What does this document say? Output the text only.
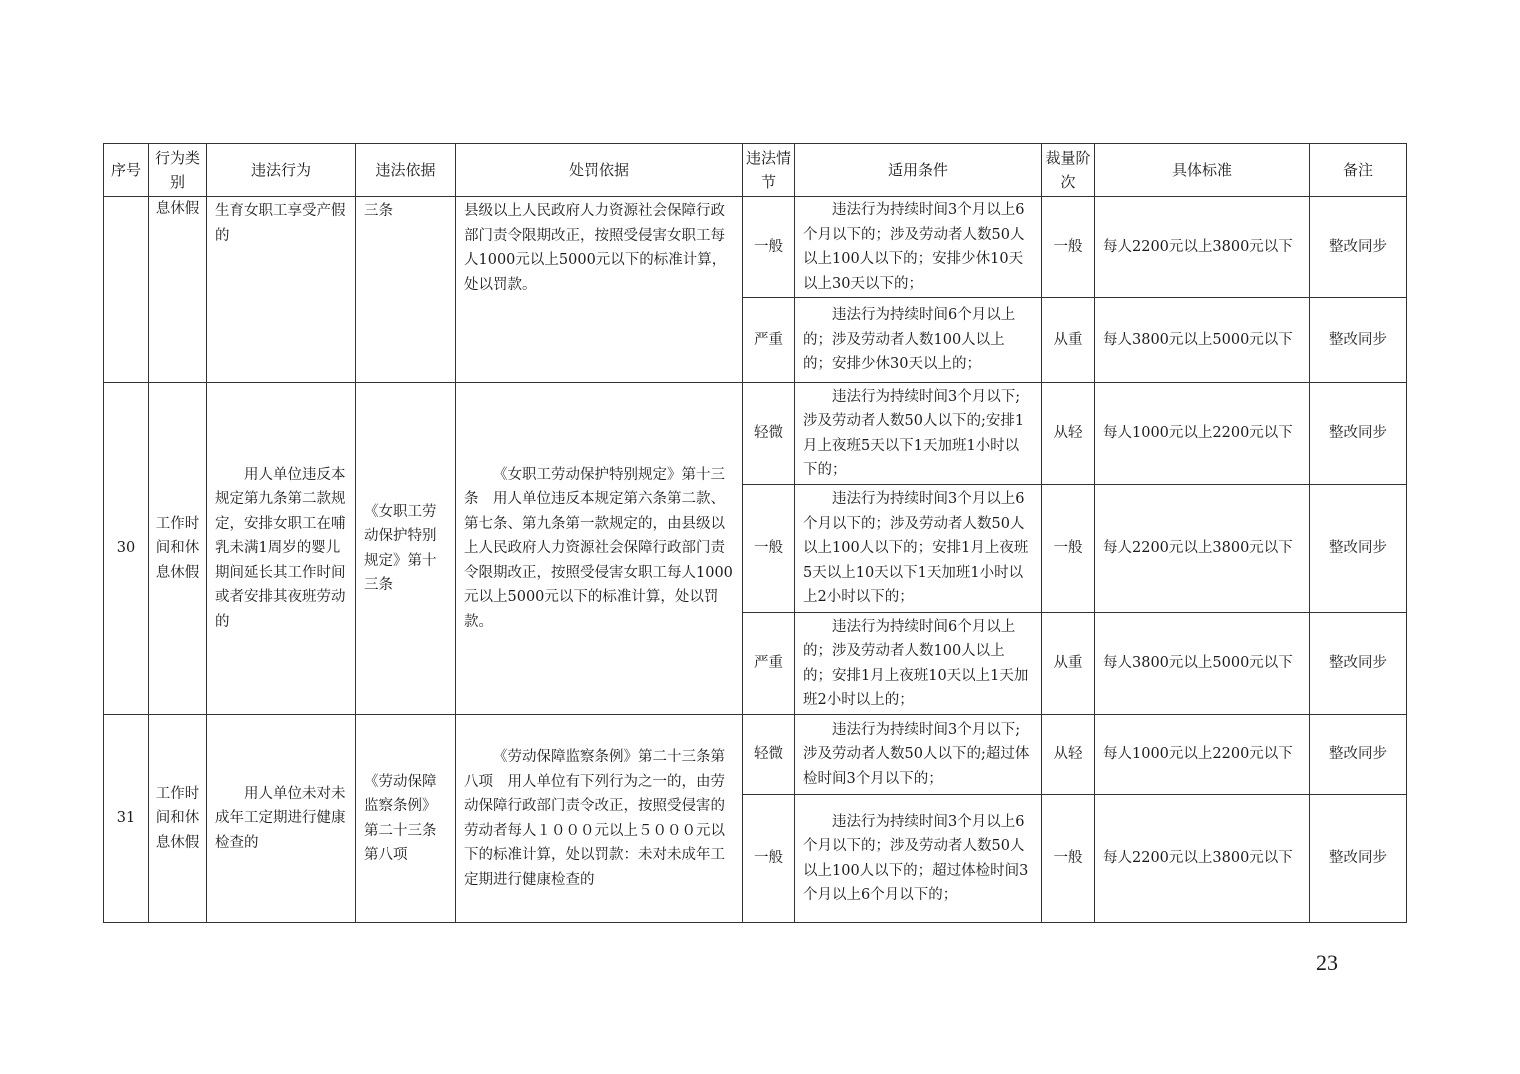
序号	行为类别	违法行为	违法依据	处罚依据	违法情节	适用条件	裁量阶次	具体标准	备注
	息休假	生育女职工享受产假的	三条	县级以上人民政府人力资源社会保障行政部门责令限期改正，按照受侵害女职工每人1000元以上5000元以下的标准计算，处以罚款。	一般	违法行为持续时间3个月以上6个月以下的；涉及劳动者人数50人以上100人以下的；安排少休10天以上30天以下的；	一般	每人2200元以上3800元以下	整改同步
					严重	违法行为持续时间6个月以上的；涉及劳动者人数100人以上的；安排少休30天以上的；	从重	每人3800元以上5000元以下	整改同步
30	工作时间和休息休假	用人单位违反本规定第九条第二款规定，安排女职工在哺乳未满1周岁的婴儿期间延长其工作时间或者安排其夜班劳动的	《女职工劳动保护特别规定》第十三条	《女职工劳动保护特别规定》第十三条　用人单位违反本规定第六条第二款、第七条、第九条第一款规定的，由县级以上人民政府人力资源社会保障行政部门责令限期改正，按照受侵害女职工每人1000元以上5000元以下的标准计算，处以罚款。	轻微	违法行为持续时间3个月以下;涉及劳动者人数50人以下的;安排1月上夜班5天以下1天加班1小时以下的；	从轻	每人1000元以上2200元以下	整改同步
					一般	违法行为持续时间3个月以上6个月以下的；涉及劳动者人数50人以上100人以下的；安排1月上夜班5天以上10天以下1天加班1小时以上2小时以下的；	一般	每人2200元以上3800元以下	整改同步
					严重	违法行为持续时间6个月以上的；涉及劳动者人数100人以上的；安排1月上夜班10天以上1天加班2小时以上的；	从重	每人3800元以上5000元以下	整改同步
31	工作时间和休息休假	用人单位未对未成年工定期进行健康检查的	《劳动保障监察条例》第二十三条第八项	《劳动保障监察条例》第二十三条第八项　用人单位有下列行为之一的，由劳动保障行政部门责令改正，按照受侵害的劳动者每人１０００元以上５０００元以下的标准计算，处以罚款：未对未成年工定期进行健康检查的	轻微	违法行为持续时间3个月以下;涉及劳动者人数50人以下的;超过体检时间3个月以下的；	从轻	每人1000元以上2200元以下	整改同步
					一般	违法行为持续时间3个月以上6个月以下的；涉及劳动者人数50人以上100人以下的；超过体检时间3个月以上6个月以下的；	一般	每人2200元以上3800元以下	整改同步
23
